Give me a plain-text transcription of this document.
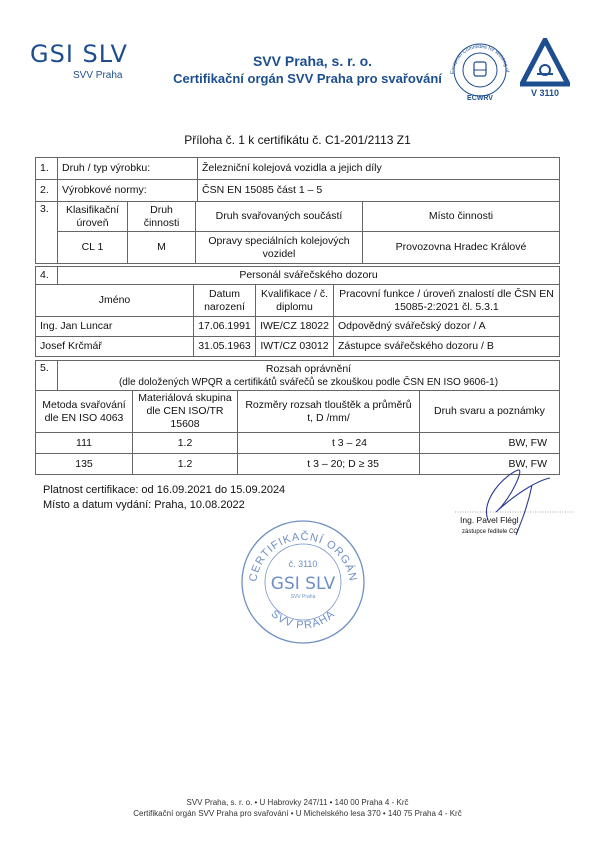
GSI SLV
SVV Praha
SVV Praha, s. r. o.
Certifikační orgán SVV Praha pro svařování	European Committee for Welding of
ECWRV
V 3110
Příloha č. 1 k certifikátu č. C1-201/2113 Z1
1.	Druh / typ výrobku:	Železniční kolejová vozidla a jejich díly
2.	Výrobkové normy:	ČSN EN 15085 část 1 – 5
3.	Klasifikační úroveň	Druh činnosti	Druh svařovaných součástí	Místo činnosti
	CL 1	M	Opravy speciálních kolejových vozidel	Provozovna Hradec Králové
4.	Personál svářečského dozoru			
Jméno		Datum narození	Kvalifikace / č. diplomu	Pracovní funkce / úroveň znalostí dle ČSN EN 15085-2:2021 čl. 5.3.1
Ing. Jan Luncar		17.06.1991	IWE/CZ 18022	Odpovědný svářečský dozor / A
Josef Krčmář		31.05.1963	IWT/CZ 03012	Zástupce svářečského dozoru / B
5.	Rozsah oprávnění
(dle doložených WPQR a certifikátů svářečů se zkouškou podle ČSN EN ISO 9606-1)			

Metoda svařování dle EN ISO 4063		Materiálová skupina dle CEN ISO/TR 15608	Rozměry rozsah tlouštěk a průměrů t, D /mm/	Druh svaru a poznámky
111		1.2	t 3 – 24	BW, FW
135		1.2	t 3 – 20; D ≥ 35	BW, FW
Platnost certifikace: od 16.09.2021 do 15.09.2024
Místo a datum vydání: Praha, 10.08.2022
Ing. Pavel Flégl
zástupce ředitele CO
CERTIFIKAČNÍ ORGÁN
SVV PRAHA
č. 3110
GSI SLV
SVV Praha
SVV Praha, s. r. o. • U Habrovky 247/11 • 140 00 Praha 4 - Krč
Certifikační orgán SVV Praha pro svařování • U Michelského lesa 370 • 140 75 Praha 4 - Krč
